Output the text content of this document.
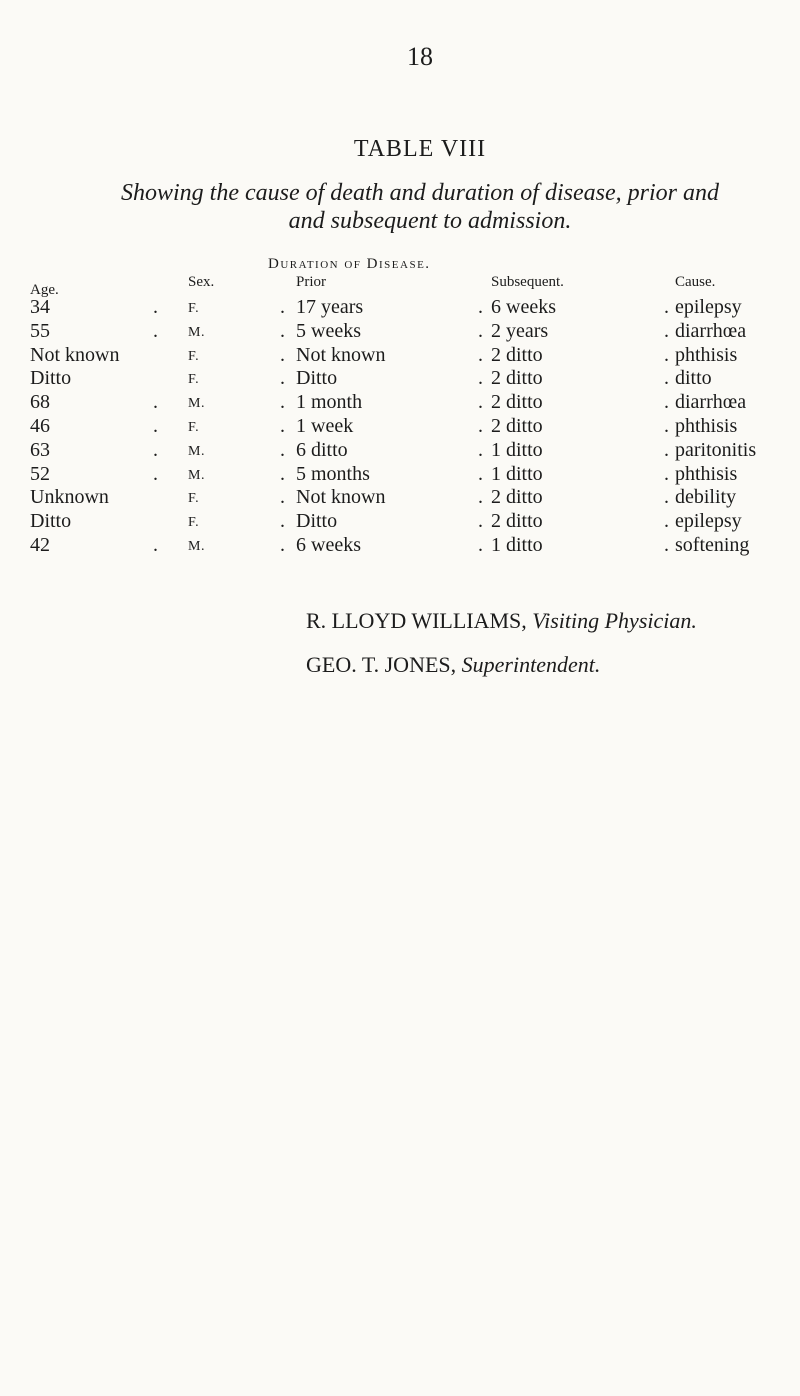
18
TABLE VIII
Showing the cause of death and duration of disease, prior and
and subsequent to admission.
Duration of Disease.
Age.	Sex.	Prior	Subsequent.	Cause.
34	F.	17 years	6 weeks	epilepsy
.	.	.	.
55	M.	5 weeks	2 years	diarrhœa
.	.	.	.
Not known	F.	Not known	2 ditto	phthisis
.	.	.
Ditto	F.	Ditto	2 ditto	ditto
.	.	.
68	M.	1 month	2 ditto	diarrhœa
.	.	.	.
46	F.	1 week	2 ditto	phthisis
.	.	.	.
63	M.	6 ditto	1 ditto	paritonitis
.	.	.	.
52	M.	5 months	1 ditto	phthisis
.	.	.	.
Unknown	F.	Not known	2 ditto	debility
.	.	.
Ditto	F.	Ditto	2 ditto	epilepsy
.	.	.
42	M.	6 weeks	1 ditto	softening
.	.	.	.
R. LLOYD WILLIAMS, Visiting Physician.
GEO. T. JONES, Superintendent.
